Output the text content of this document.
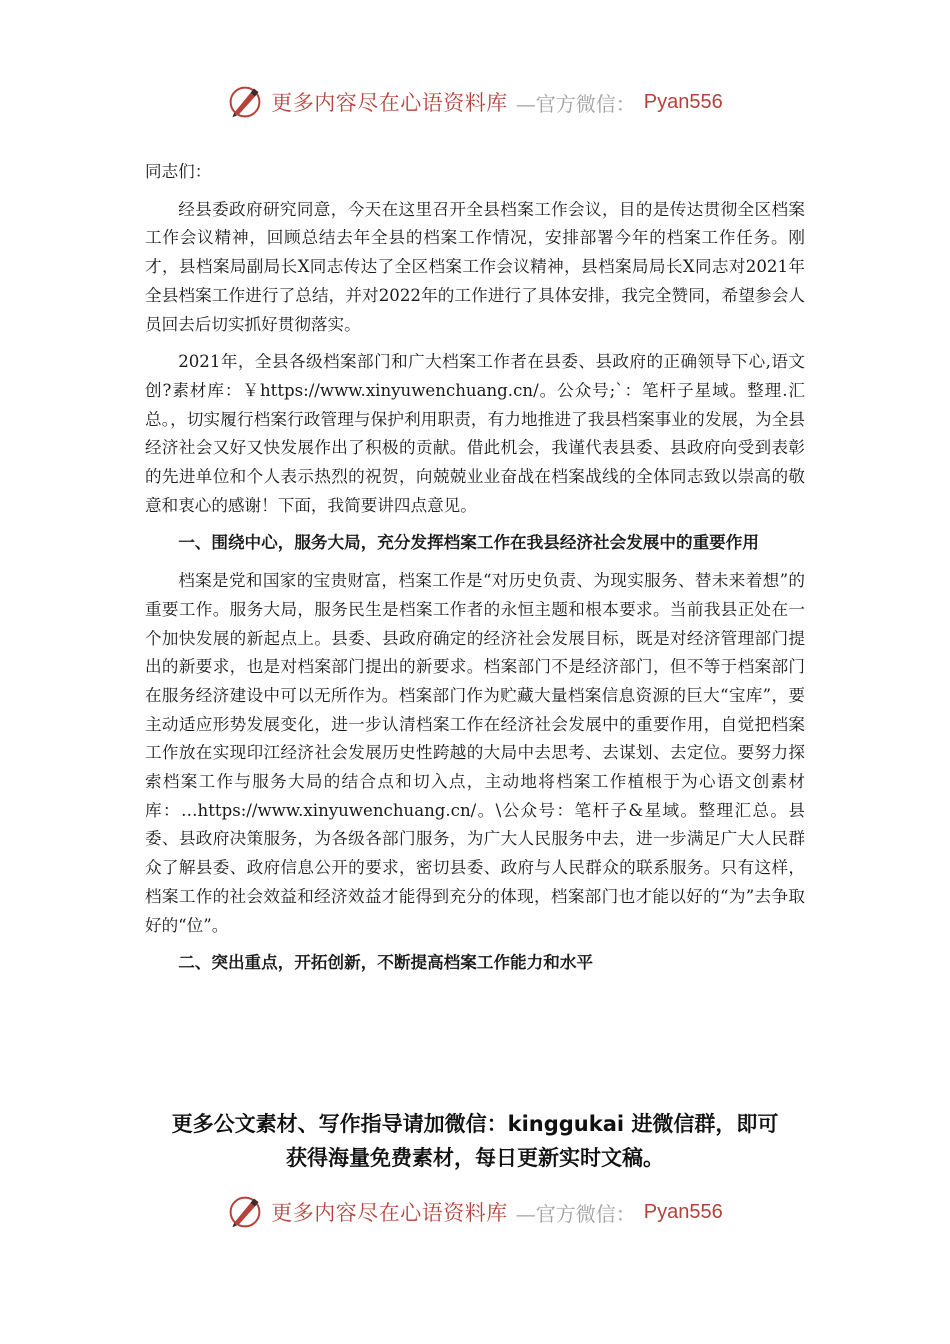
更多内容尽在心语资料库 —官方微信： Pyan556

同志们：

经县委政府研究同意，今天在这里召开全县档案工作会议，目的是传达贯彻全区档案工作会议精神，回顾总结去年全县的档案工作情况，安排部署今年的档案工作任务。刚才，县档案局副局长X同志传达了全区档案工作会议精神，县档案局局长X同志对2021年全县档案工作进行了总结，并对2022年的工作进行了具体安排，我完全赞同，希望参会人员回去后切实抓好贯彻落实。

2021年，全县各级档案部门和广大档案工作者在县委、县政府的正确领导下心,语文创?素材库：￥https://www.xinyuwenchuang.cn/。公众号;`：笔杆子星域。整理.汇总。，切实履行档案行政管理与保护利用职责，有力地推进了我县档案事业的发展，为全县经济社会又好又快发展作出了积极的贡献。借此机会，我谨代表县委、县政府向受到表彰的先进单位和个人表示热烈的祝贺，向兢兢业业奋战在档案战线的全体同志致以崇高的敬意和衷心的感谢！下面，我简要讲四点意见。

一、围绕中心，服务大局，充分发挥档案工作在我县经济社会发展中的重要作用

档案是党和国家的宝贵财富，档案工作是“对历史负责、为现实服务、替未来着想”的重要工作。服务大局，服务民生是档案工作者的永恒主题和根本要求。当前我县正处在一个加快发展的新起点上。县委、县政府确定的经济社会发展目标，既是对经济管理部门提出的新要求，也是对档案部门提出的新要求。档案部门不是经济部门，但不等于档案部门在服务经济建设中可以无所作为。档案部门作为贮藏大量档案信息资源的巨大“宝库”，要主动适应形势发展变化，进一步认清档案工作在经济社会发展中的重要作用，自觉把档案工作放在实现印江经济社会发展历史性跨越的大局中去思考、去谋划、去定位。要努力探索档案工作与服务大局的结合点和切入点，主动地将档案工作植根于为心语文创素材库：…https://www.xinyuwenchuang.cn/。\公众号：笔杆子&星域。整理汇总。县委、县政府决策服务，为各级各部门服务，为广大人民服务中去，进一步满足广大人民群众了解县委、政府信息公开的要求，密切县委、政府与人民群众的联系服务。只有这样，档案工作的社会效益和经济效益才能得到充分的体现，档案部门也才能以好的“为”去争取好的“位”。

二、突出重点，开拓创新，不断提高档案工作能力和水平

更多公文素材、写作指导请加微信：kinggukai 进微信群，即可
获得海量免费素材，每日更新实时文稿。
更多内容尽在心语资料库 —官方微信： Pyan556
